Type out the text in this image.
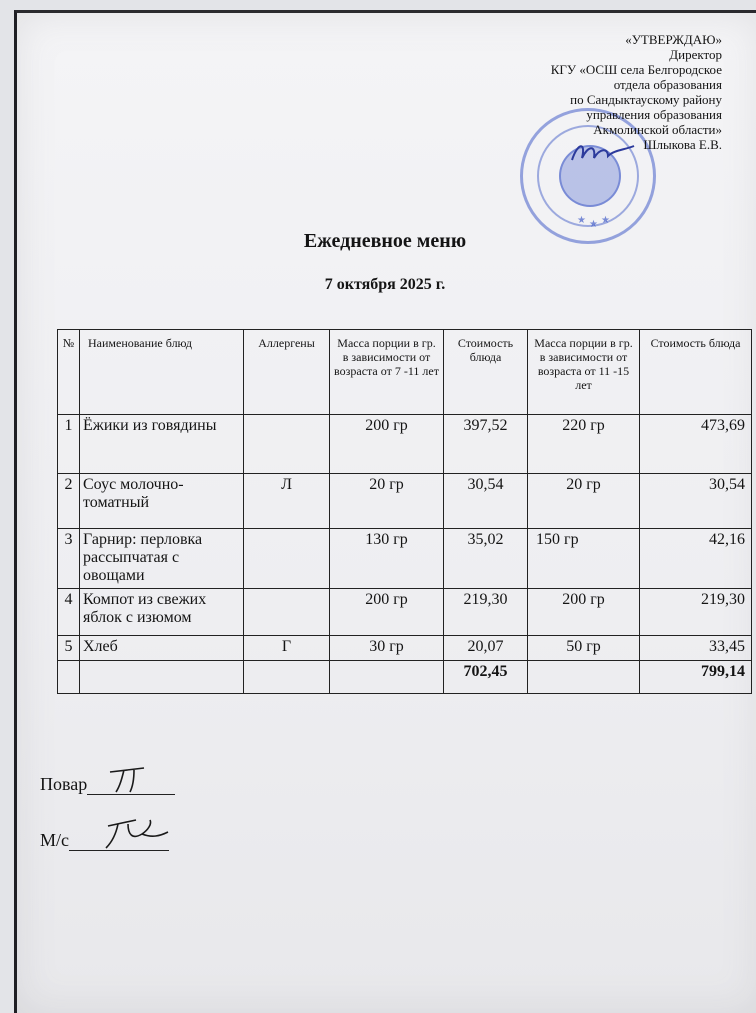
★ ★ ★
«УТВЕРЖДАЮ»
Директор
КГУ «ОСШ села Белгородское
отдела образования
по Сандыктаускому району
управления образования
Акмолинской области»
Шлыкова Е.В.
Ежедневное меню
7 октября 2025 г.
№	Наименование блюд	Аллергены	Масса порции в гр. в зависимости от возраста от 7 -11 лет	Стоимость блюда	Масса порции в гр. в зависимости от возраста от 11 -15 лет	Стоимость блюда
1	Ёжики из говядины		200 гр	397,52	220 гр	473,69
2	Соус молочно-томатный	Л	20 гр	30,54	20 гр	30,54
3	Гарнир: перловка рассыпчатая с овощами		130 гр	35,02	150 гр	42,16
4	Компот из свежих яблок с изюмом		200 гр	219,30	200 гр	219,30
5	Хлеб	Г	30 гр	20,07	50 гр	33,45
				702,45		799,14
Повар
М/с
